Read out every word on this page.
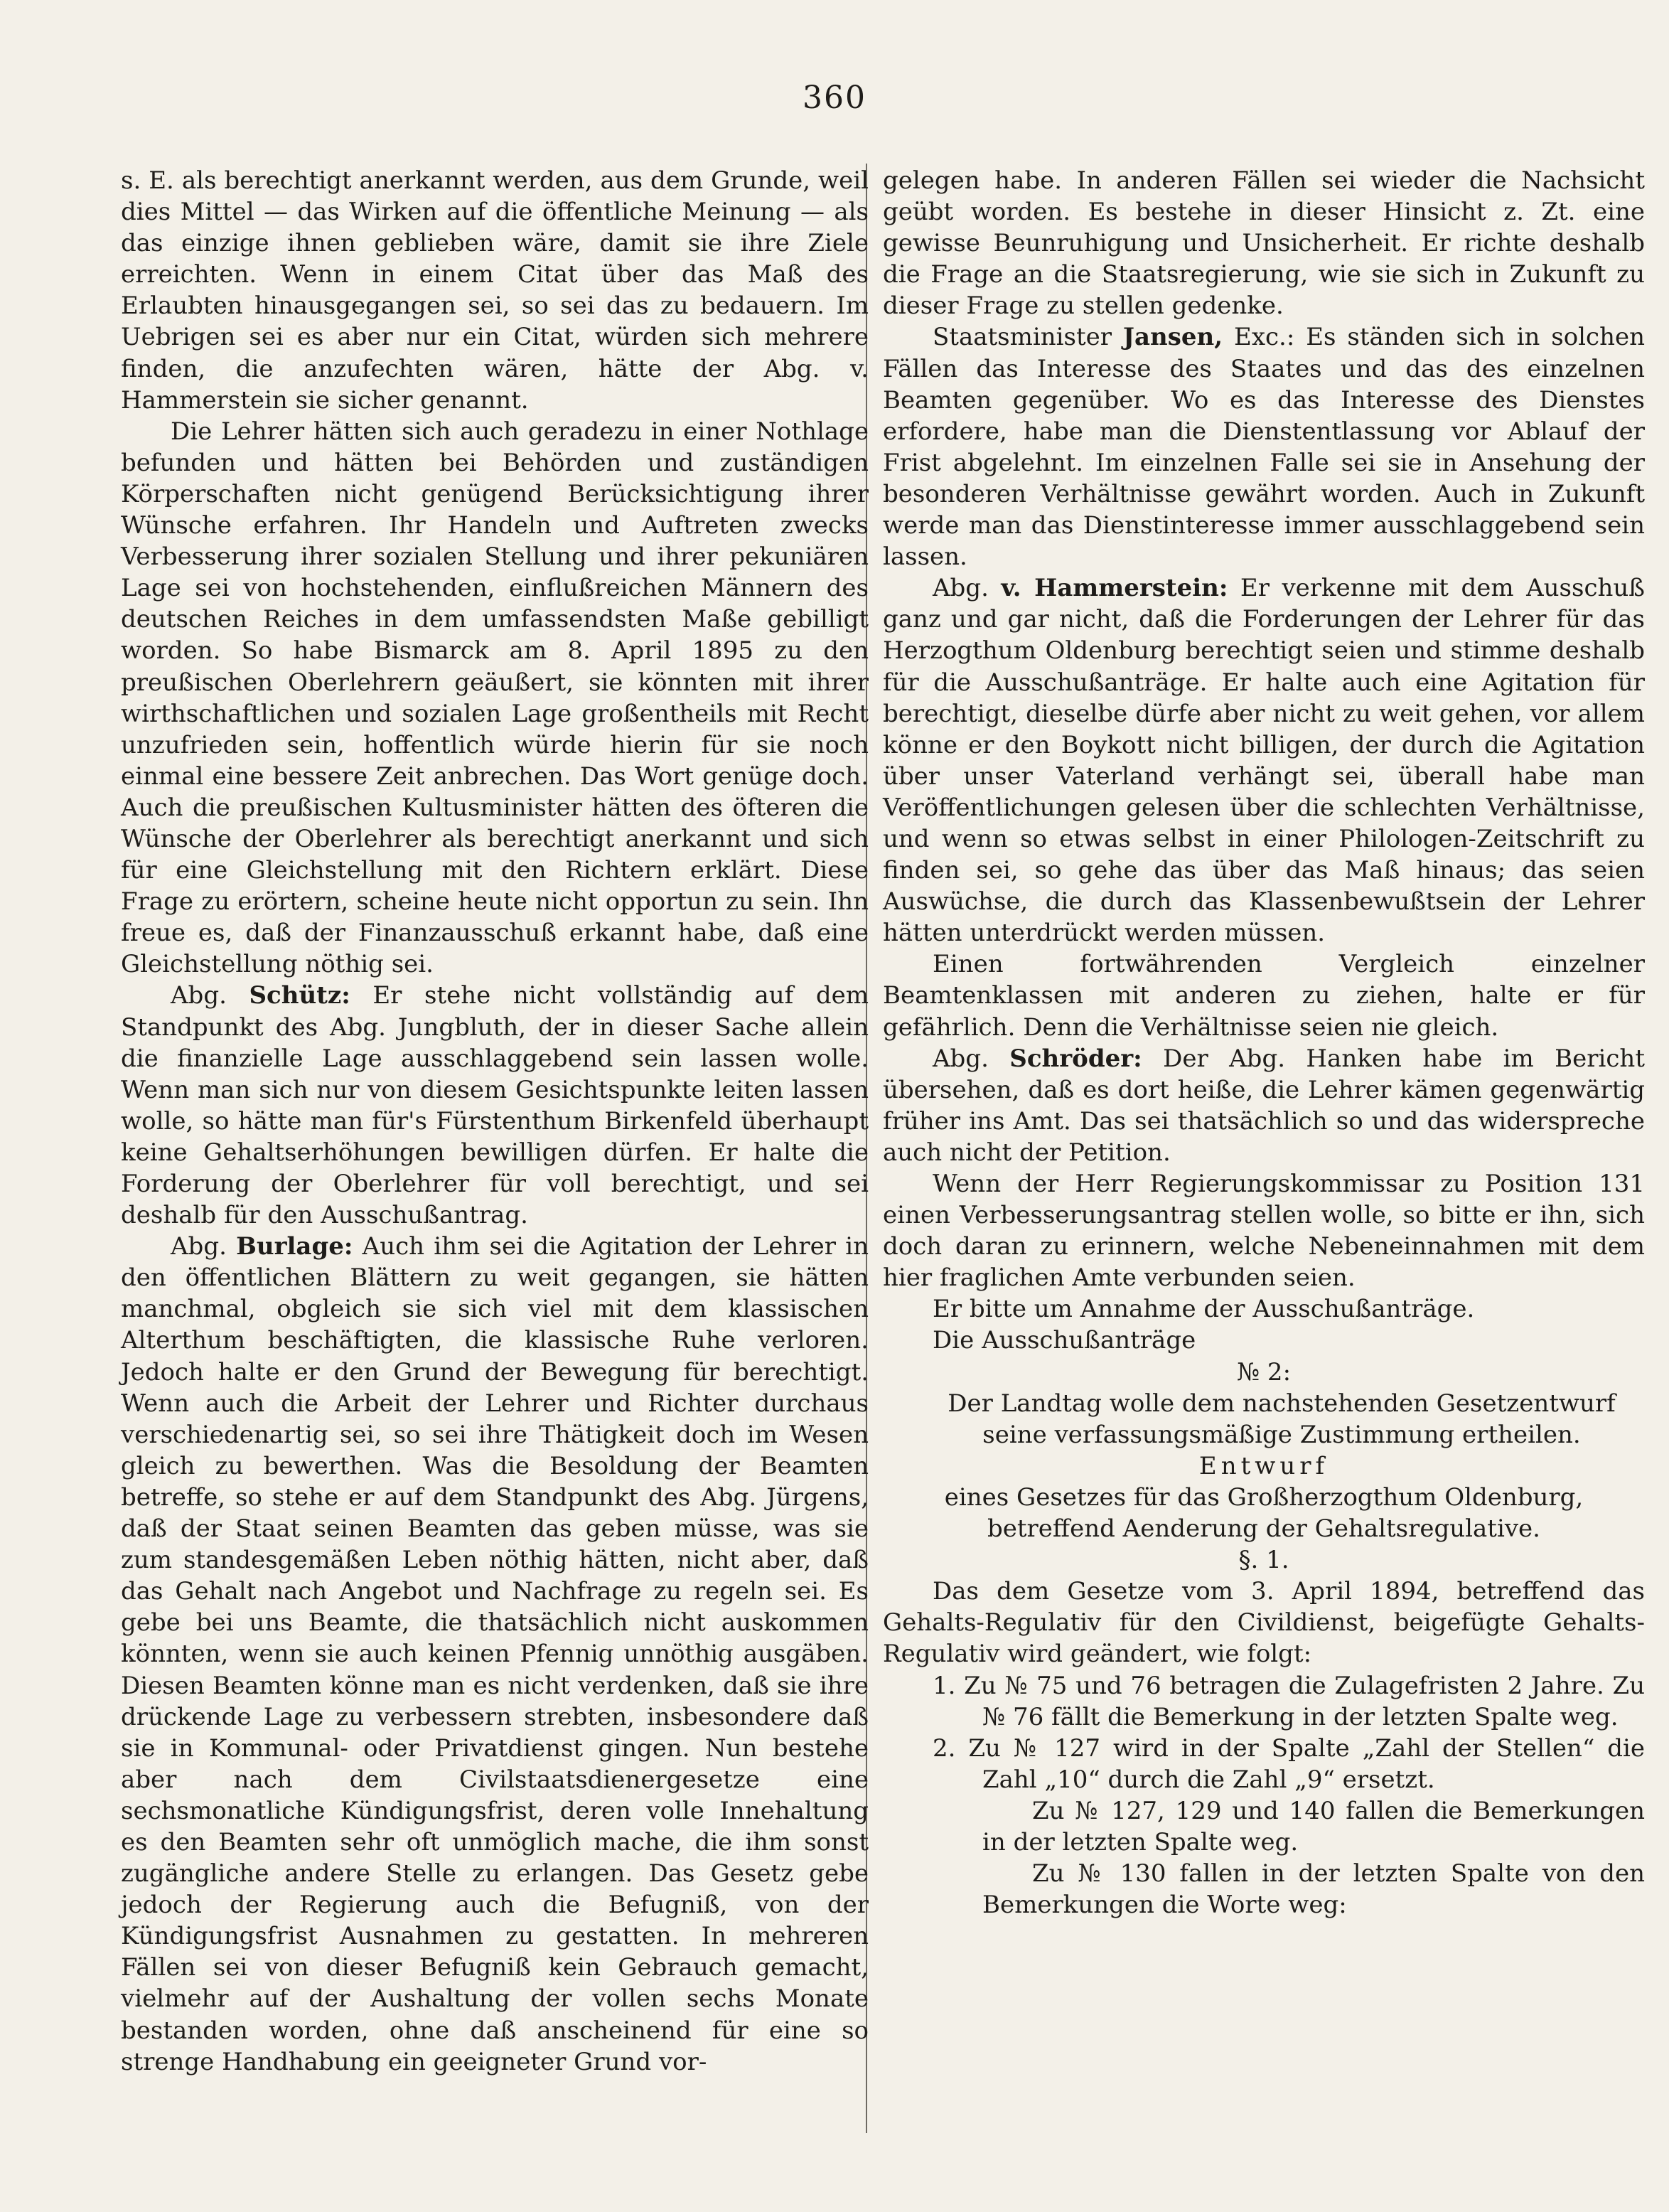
360

s. E. als berechtigt anerkannt werden, aus dem Grunde, weil dies Mittel — das Wirken auf die öffentliche Meinung — als das einzige ihnen geblieben wäre, damit sie ihre Ziele erreichten. Wenn in einem Citat über das Maß des Erlaubten hinausgegangen sei, so sei das zu bedauern. Im Uebrigen sei es aber nur ein Citat, würden sich mehrere finden, die anzufechten wären, hätte der Abg. v. Hammerstein sie sicher genannt.

Die Lehrer hätten sich auch geradezu in einer Nothlage befunden und hätten bei Behörden und zuständigen Körperschaften nicht genügend Berücksichtigung ihrer Wünsche erfahren. Ihr Handeln und Auftreten zwecks Verbesserung ihrer sozialen Stellung und ihrer pekuniären Lage sei von hochstehenden, einflußreichen Männern des deutschen Reiches in dem umfassendsten Maße gebilligt worden. So habe Bismarck am 8. April 1895 zu den preußischen Oberlehrern geäußert, sie könnten mit ihrer wirthschaftlichen und sozialen Lage großentheils mit Recht unzufrieden sein, hoffentlich würde hierin für sie noch einmal eine bessere Zeit anbrechen. Das Wort genüge doch. Auch die preußischen Kultusminister hätten des öfteren die Wünsche der Oberlehrer als berechtigt anerkannt und sich für eine Gleichstellung mit den Richtern erklärt. Diese Frage zu erörtern, scheine heute nicht opportun zu sein. Ihn freue es, daß der Finanzausschuß erkannt habe, daß eine Gleichstellung nöthig sei.

Abg. Schütz: Er stehe nicht vollständig auf dem Standpunkt des Abg. Jungbluth, der in dieser Sache allein die finanzielle Lage ausschlaggebend sein lassen wolle. Wenn man sich nur von diesem Gesichtspunkte leiten lassen wolle, so hätte man für's Fürstenthum Birkenfeld überhaupt keine Gehaltserhöhungen bewilligen dürfen. Er halte die Forderung der Oberlehrer für voll berechtigt, und sei deshalb für den Ausschußantrag.

Abg. Burlage: Auch ihm sei die Agitation der Lehrer in den öffentlichen Blättern zu weit gegangen, sie hätten manchmal, obgleich sie sich viel mit dem klassischen Alterthum beschäftigten, die klassische Ruhe verloren. Jedoch halte er den Grund der Bewegung für berechtigt. Wenn auch die Arbeit der Lehrer und Richter durchaus verschiedenartig sei, so sei ihre Thätigkeit doch im Wesen gleich zu bewerthen. Was die Besoldung der Beamten betreffe, so stehe er auf dem Standpunkt des Abg. Jürgens, daß der Staat seinen Beamten das geben müsse, was sie zum standesgemäßen Leben nöthig hätten, nicht aber, daß das Gehalt nach Angebot und Nachfrage zu regeln sei. Es gebe bei uns Beamte, die thatsächlich nicht auskommen könnten, wenn sie auch keinen Pfennig unnöthig ausgäben. Diesen Beamten könne man es nicht verdenken, daß sie ihre drückende Lage zu verbessern strebten, insbesondere daß sie in Kommunal- oder Privatdienst gingen. Nun bestehe aber nach dem Civilstaatsdienergesetze eine sechsmonatliche Kündigungsfrist, deren volle Innehaltung es den Beamten sehr oft unmöglich mache, die ihm sonst zugängliche andere Stelle zu erlangen. Das Gesetz gebe jedoch der Regierung auch die Befugniß, von der Kündigungsfrist Ausnahmen zu gestatten. In mehreren Fällen sei von dieser Befugniß kein Gebrauch gemacht, vielmehr auf der Aushaltung der vollen sechs Monate bestanden worden, ohne daß anscheinend für eine so strenge Handhabung ein geeigneter Grund vor-

gelegen habe. In anderen Fällen sei wieder die Nachsicht geübt worden. Es bestehe in dieser Hinsicht z. Zt. eine gewisse Beunruhigung und Unsicherheit. Er richte deshalb die Frage an die Staatsregierung, wie sie sich in Zukunft zu dieser Frage zu stellen gedenke.

Staatsminister Jansen, Exc.: Es ständen sich in solchen Fällen das Interesse des Staates und das des einzelnen Beamten gegenüber. Wo es das Interesse des Dienstes erfordere, habe man die Dienstentlassung vor Ablauf der Frist abgelehnt. Im einzelnen Falle sei sie in Ansehung der besonderen Verhältnisse gewährt worden. Auch in Zukunft werde man das Dienstinteresse immer ausschlaggebend sein lassen.

Abg. v. Hammerstein: Er verkenne mit dem Ausschuß ganz und gar nicht, daß die Forderungen der Lehrer für das Herzogthum Oldenburg berechtigt seien und stimme deshalb für die Ausschußanträge. Er halte auch eine Agitation für berechtigt, dieselbe dürfe aber nicht zu weit gehen, vor allem könne er den Boykott nicht billigen, der durch die Agitation über unser Vaterland verhängt sei, überall habe man Veröffentlichungen gelesen über die schlechten Verhältnisse, und wenn so etwas selbst in einer Philologen-Zeitschrift zu finden sei, so gehe das über das Maß hinaus; das seien Auswüchse, die durch das Klassenbewußtsein der Lehrer hätten unterdrückt werden müssen.

Einen fortwährenden Vergleich einzelner Beamtenklassen mit anderen zu ziehen, halte er für gefährlich. Denn die Verhältnisse seien nie gleich.

Abg. Schröder: Der Abg. Hanken habe im Bericht übersehen, daß es dort heiße, die Lehrer kämen gegenwärtig früher ins Amt. Das sei thatsächlich so und das widerspreche auch nicht der Petition.

Wenn der Herr Regierungskommissar zu Position 131 einen Verbesserungsantrag stellen wolle, so bitte er ihn, sich doch daran zu erinnern, welche Nebeneinnahmen mit dem hier fraglichen Amte verbunden seien.

Er bitte um Annahme der Ausschußanträge.

Die Ausschußanträge

№ 2:

Der Landtag wolle dem nachstehenden Gesetzentwurf seine verfassungsmäßige Zustimmung ertheilen.

Entwurf

eines Gesetzes für das Großherzogthum Oldenburg, betreffend Aenderung der Gehaltsregulative.

§. 1.

Das dem Gesetze vom 3. April 1894, betreffend das Gehalts-Regulativ für den Civildienst, beigefügte Gehalts-Regulativ wird geändert, wie folgt:

1. Zu № 75 und 76 betragen die Zulagefristen 2 Jahre. Zu № 76 fällt die Bemerkung in der letzten Spalte weg.

2. Zu № 127 wird in der Spalte „Zahl der Stellen“ die Zahl „10“ durch die Zahl „9“ ersetzt.

Zu № 127, 129 und 140 fallen die Bemerkungen in der letzten Spalte weg.

Zu № 130 fallen in der letzten Spalte von den Bemerkungen die Worte weg:
